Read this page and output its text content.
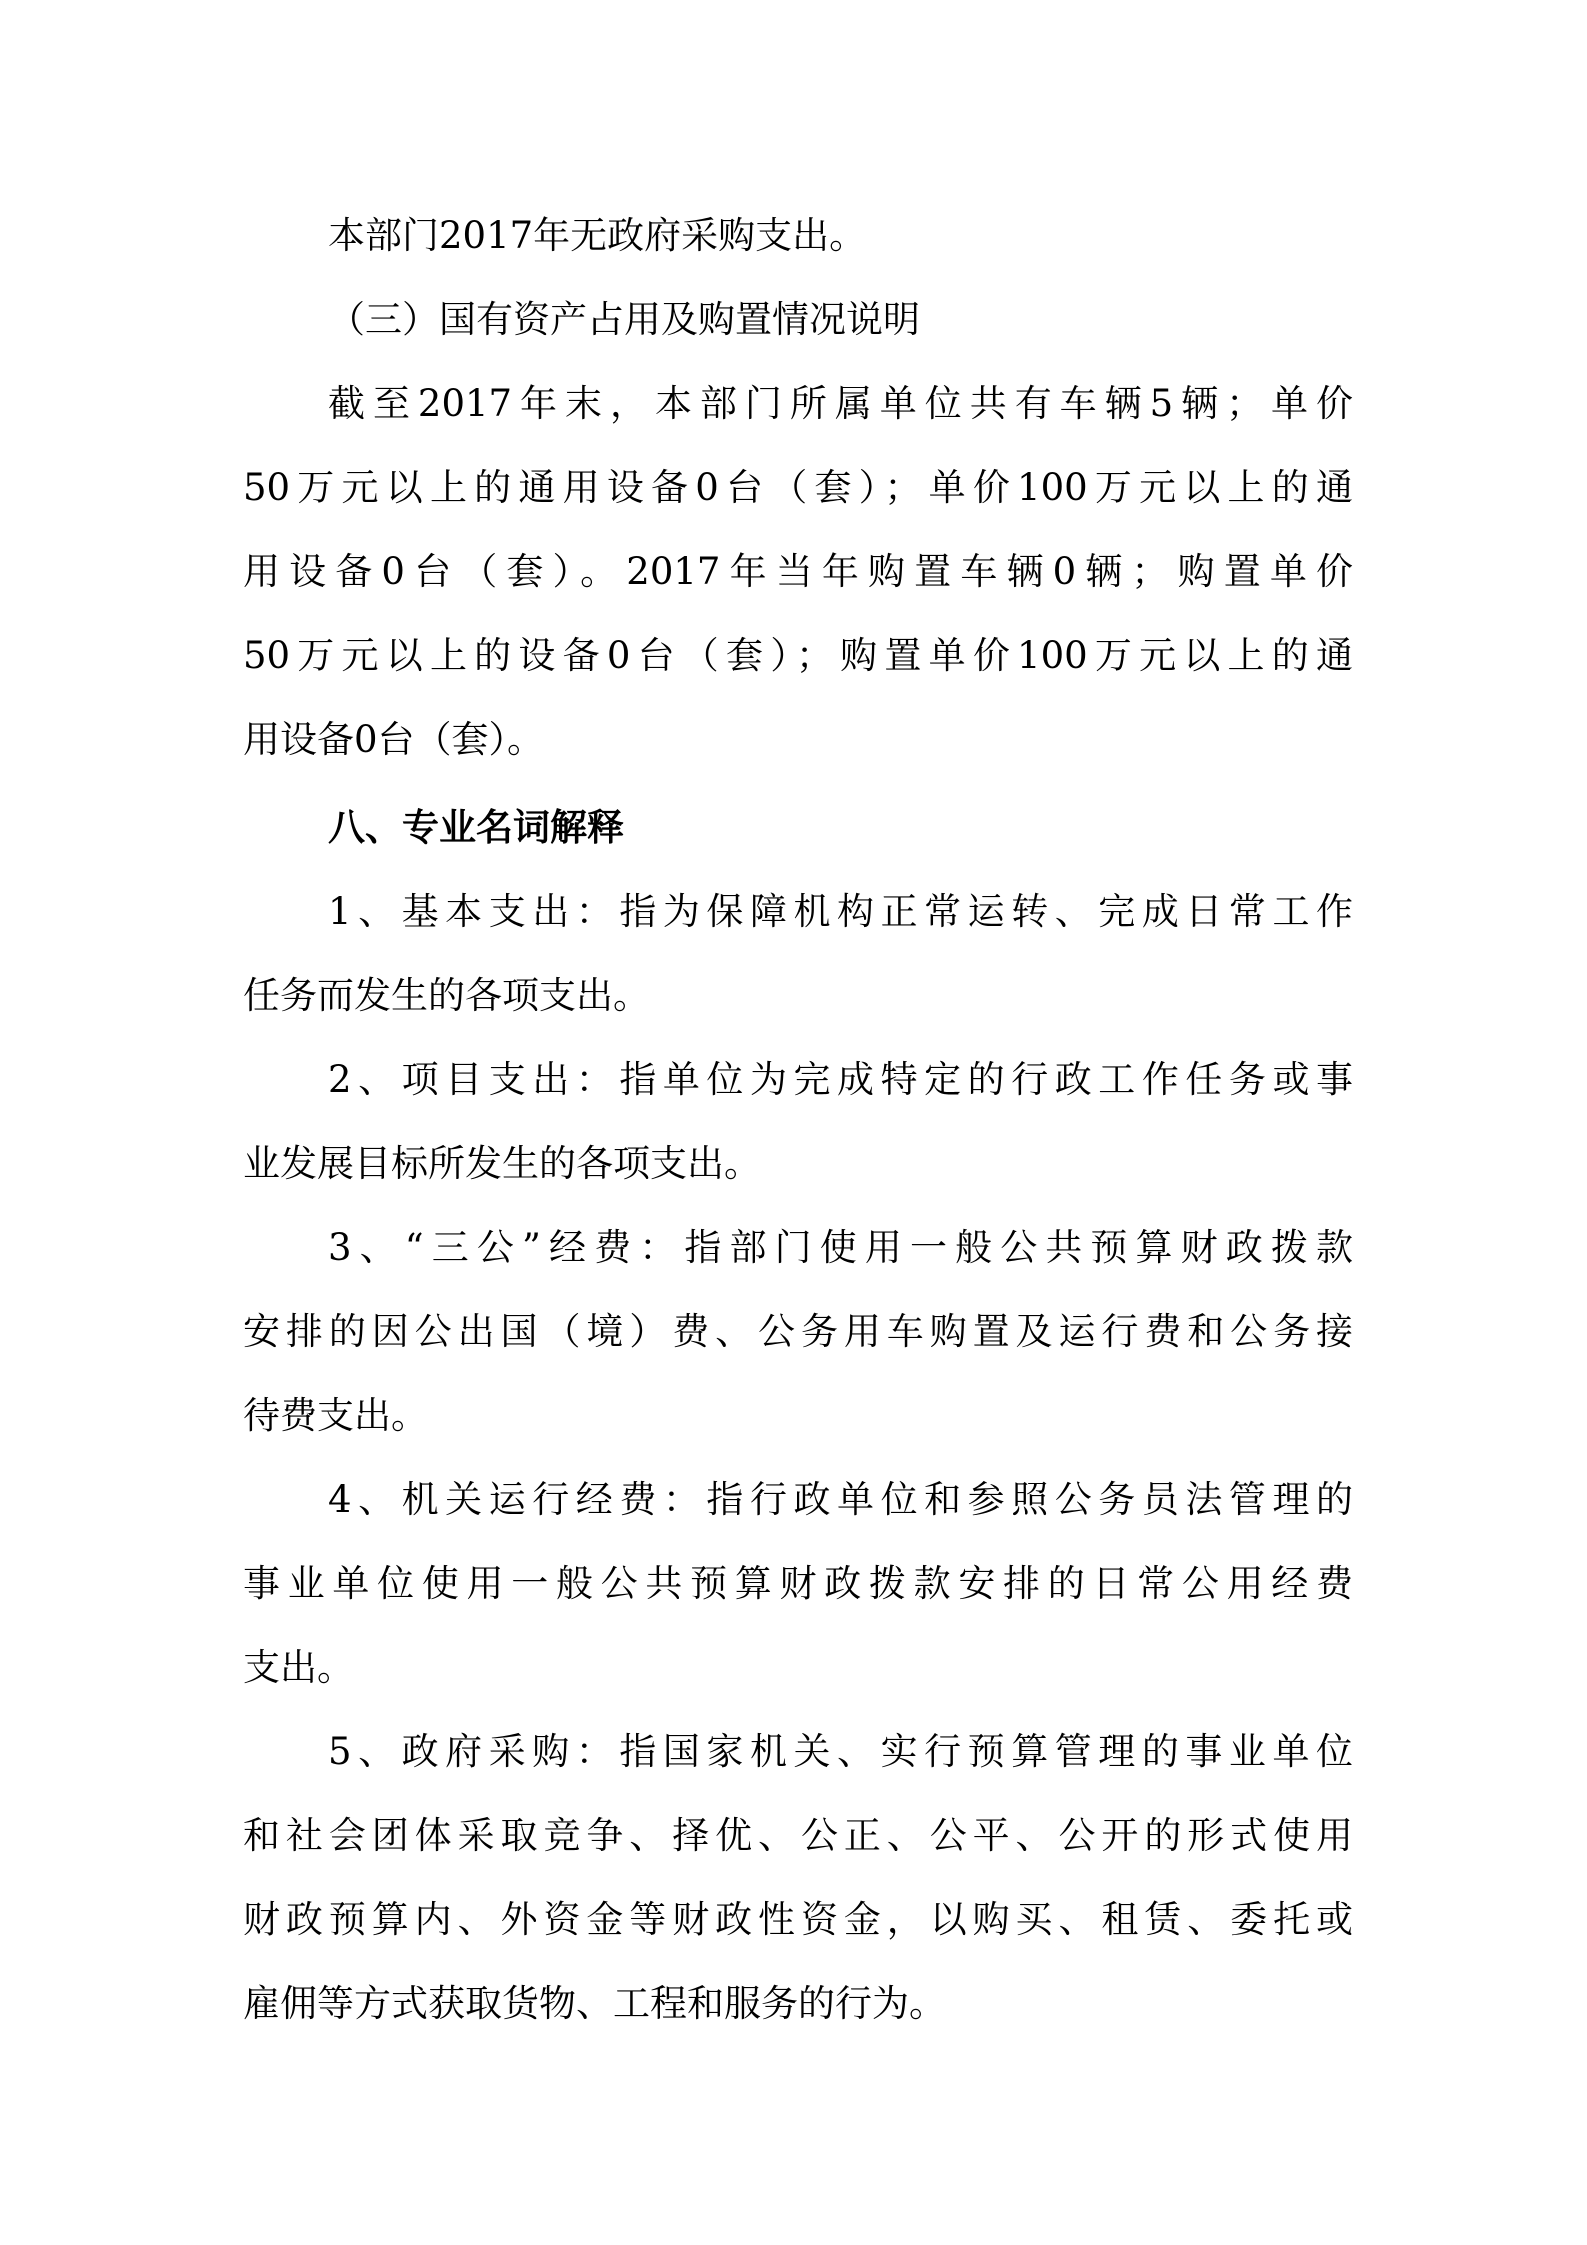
本部门2017年无政府采购支出。
（三）国有资产占用及购置情况说明
截至2017年末，本部门所属单位共有车辆5辆；单价
50万元以上的通用设备0台（套）；单价100万元以上的通
用设备0台（套）。2017年当年购置车辆0辆；购置单价
50万元以上的设备0台（套）；购置单价100万元以上的通
用设备0台（套）。
八、专业名词解释
1、基本支出：指为保障机构正常运转、完成日常工作
任务而发生的各项支出。
2、项目支出：指单位为完成特定的行政工作任务或事
业发展目标所发生的各项支出。
3、“三公”经费：指部门使用一般公共预算财政拨款
安排的因公出国（境）费、公务用车购置及运行费和公务接
待费支出。
4、机关运行经费：指行政单位和参照公务员法管理的
事业单位使用一般公共预算财政拨款安排的日常公用经费
支出。
5、政府采购：指国家机关、实行预算管理的事业单位
和社会团体采取竞争、择优、公正、公平、公开的形式使用
财政预算内、外资金等财政性资金，以购买、租赁、委托或
雇佣等方式获取货物、工程和服务的行为。
